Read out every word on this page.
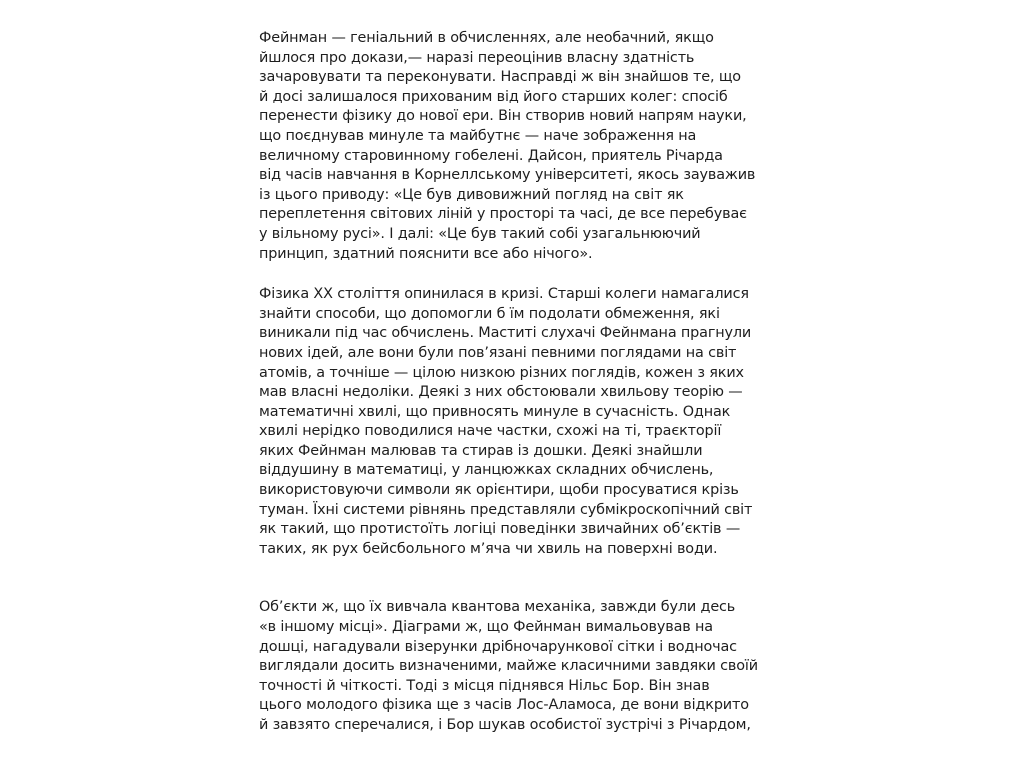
Фейнман — геніальний в обчисленнях, але необачний, якщо
йшлося про докази,— наразі переоцінив власну здатність
зачаровувати та переконувати. Насправді ж він знайшов те, що
й досі залишалося прихованим від його старших колег: спосіб
перенести фізику до нової ери. Він створив новий напрям науки,
що поєднував минуле та майбутнє — наче зображення на
величному старовинному гобелені. Дайсон, приятель Річарда
від часів навчання в Корнеллському університеті, якось зауважив
із цього приводу: «Це був дивовижний погляд на світ як
переплетення світових ліній у просторі та часі, де все перебуває
у вільному русі». І далі: «Це був такий собі узагальнюючий
принцип, здатний пояснити все або нічого».
Фізика XX століття опинилася в кризі. Старші колеги намагалися
знайти способи, що допомогли б їм подолати обмеження, які
виникали під час обчислень. Маститі слухачі Фейнмана прагнули
нових ідей, але вони були пов’язані певними поглядами на світ
атомів, а точніше — цілою низкою різних поглядів, кожен з яких
мав власні недоліки. Деякі з них обстоювали хвильову теорію —
математичні хвилі, що привносять минуле в сучасність. Однак
хвилі нерідко поводилися наче частки, схожі на ті, траєкторії
яких Фейнман малював та стирав із дошки. Деякі знайшли
віддушину в математиці, у ланцюжках складних обчислень,
використовуючи символи як орієнтири, щоби просуватися крізь
туман. Їхні системи рівнянь представляли субмікроскопічний світ
як такий, що протистоїть логіці поведінки звичайних об’єктів —
таких, як рух бейсбольного м’яча чи хвиль на поверхні води.
Об’єкти ж, що їх вивчала квантова механіка, завжди були десь
«в іншому місці». Діаграми ж, що Фейнман вимальовував на
дошці, нагадували візерунки дрібночарункової сітки і водночас
виглядали досить визначеними, майже класичними завдяки своїй
точності й чіткості. Тоді з місця піднявся Нільс Бор. Він знав
цього молодого фізика ще з часів Лос-Аламоса, де вони відкрито
й завзято сперечалися, і Бор шукав особистої зустрічі з Річардом,
